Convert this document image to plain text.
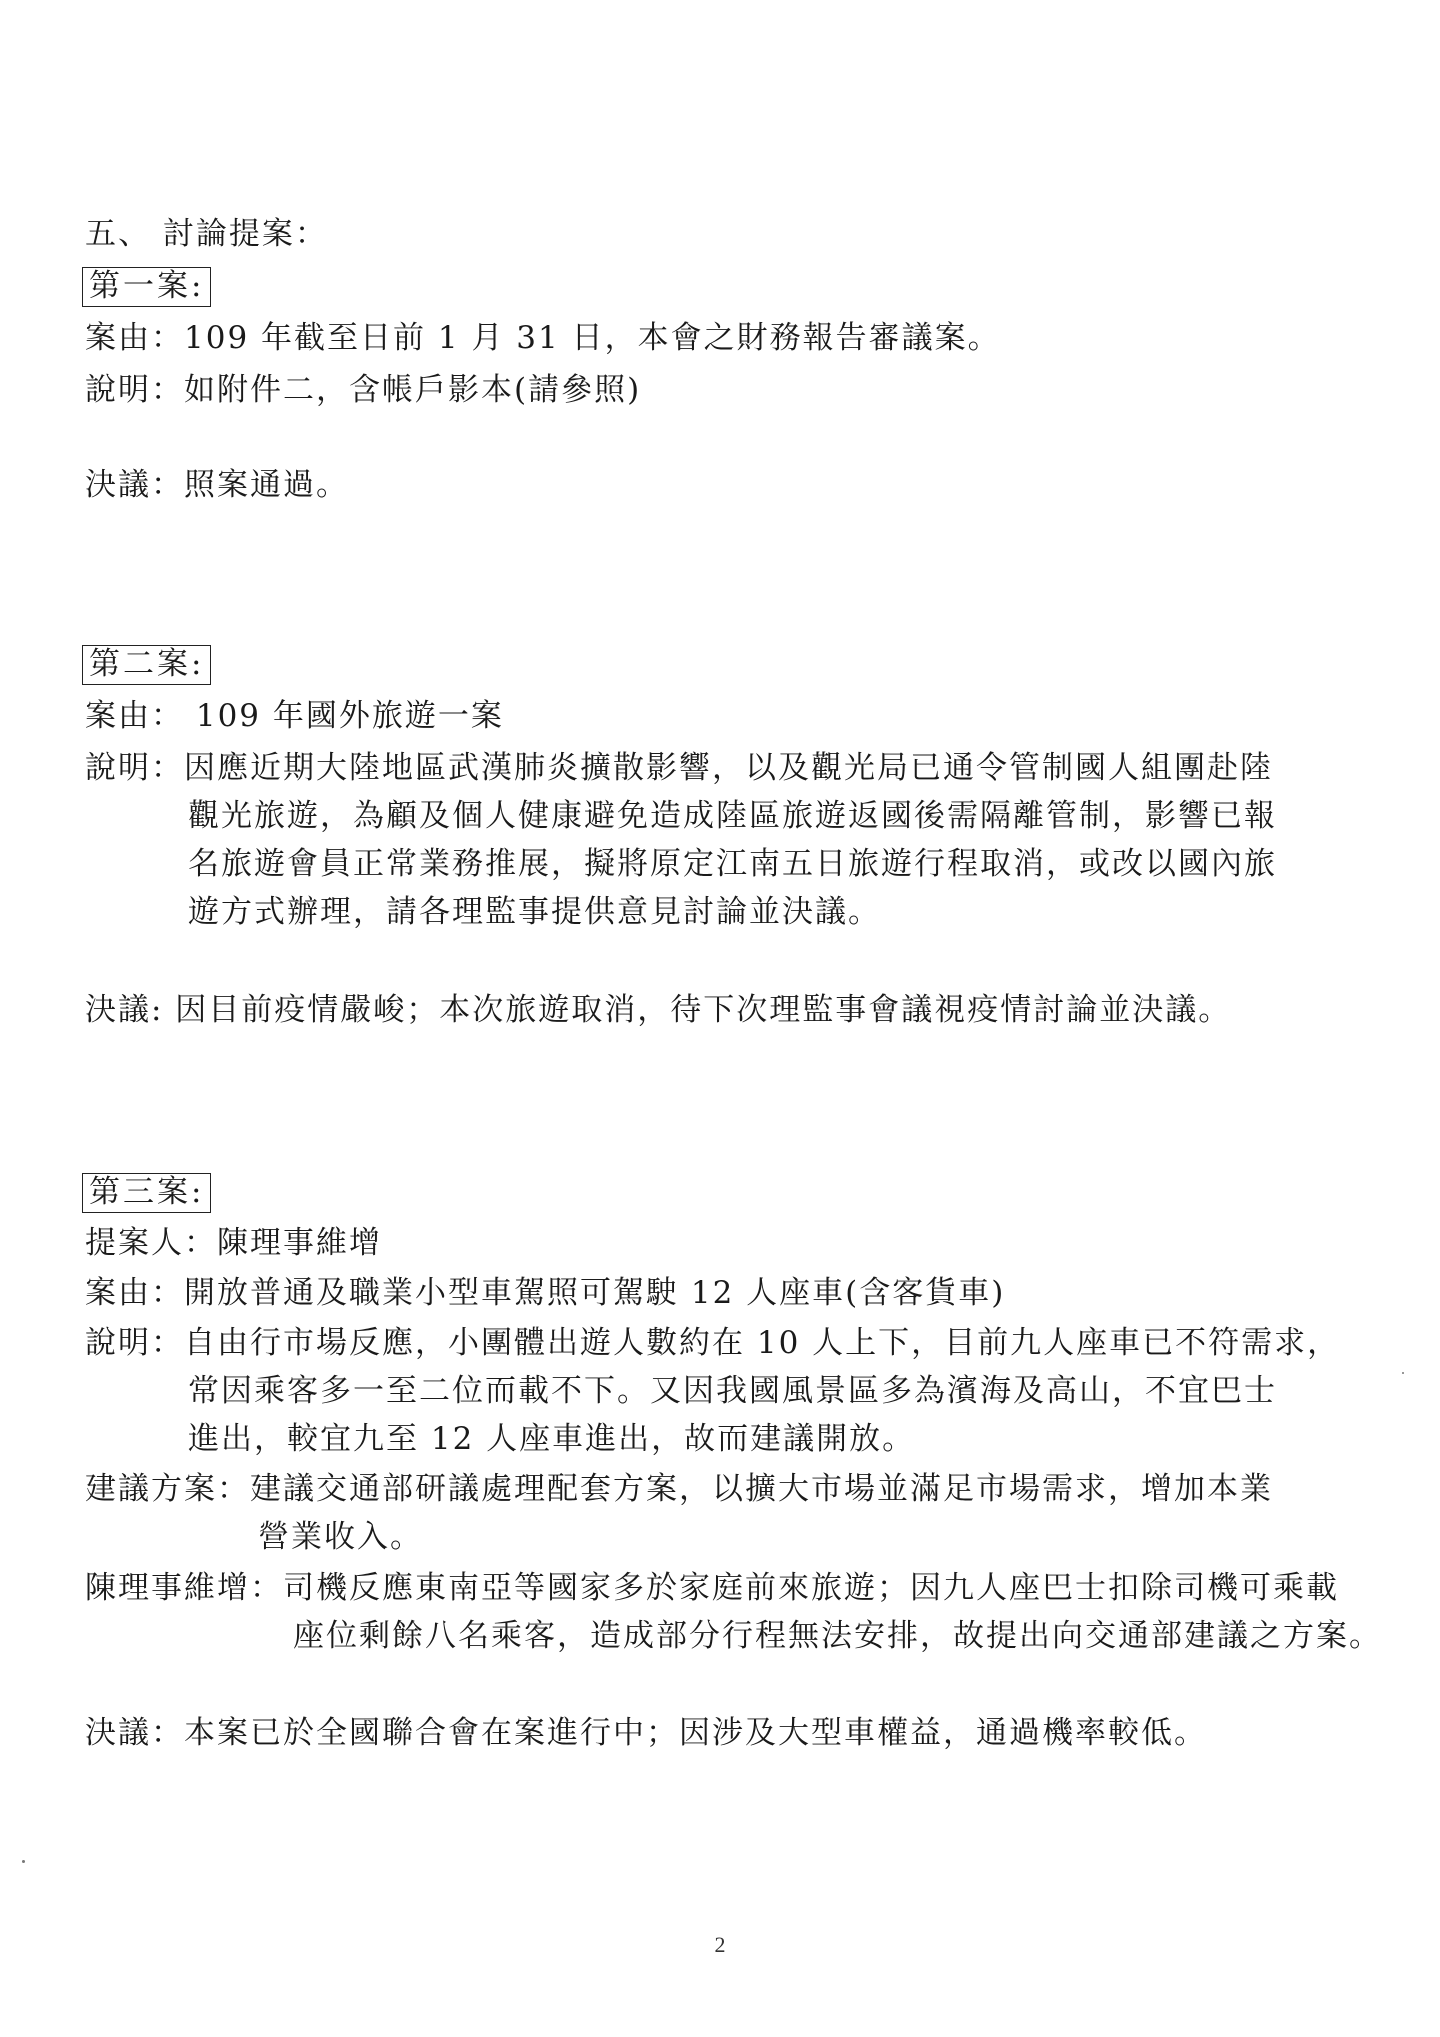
五、 討論提案：
第一案:
案由：109 年截至日前 1 月 31 日，本會之財務報告審議案。
說明：如附件二，含帳戶影本(請參照)
決議：照案通過。
第二案:
案由： 109 年國外旅遊一案
說明：因應近期大陸地區武漢肺炎擴散影響，以及觀光局已通令管制國人組團赴陸
觀光旅遊，為顧及個人健康避免造成陸區旅遊返國後需隔離管制，影響已報
名旅遊會員正常業務推展，擬將原定江南五日旅遊行程取消，或改以國內旅
遊方式辦理，請各理監事提供意見討論並決議。
決議: 因目前疫情嚴峻；本次旅遊取消，待下次理監事會議視疫情討論並決議。
第三案:
提案人：陳理事維增
案由：開放普通及職業小型車駕照可駕駛 12 人座車(含客貨車)
說明：自由行市場反應，小團體出遊人數約在 10 人上下，目前九人座車已不符需求，
常因乘客多一至二位而載不下。又因我國風景區多為濱海及高山，不宜巴士
進出，較宜九至 12 人座車進出，故而建議開放。
建議方案：建議交通部研議處理配套方案，以擴大市場並滿足市場需求，增加本業
營業收入。
陳理事維增：司機反應東南亞等國家多於家庭前來旅遊；因九人座巴士扣除司機可乘載
座位剩餘八名乘客，造成部分行程無法安排，故提出向交通部建議之方案。
決議：本案已於全國聯合會在案進行中；因涉及大型車權益，通過機率較低。
2
